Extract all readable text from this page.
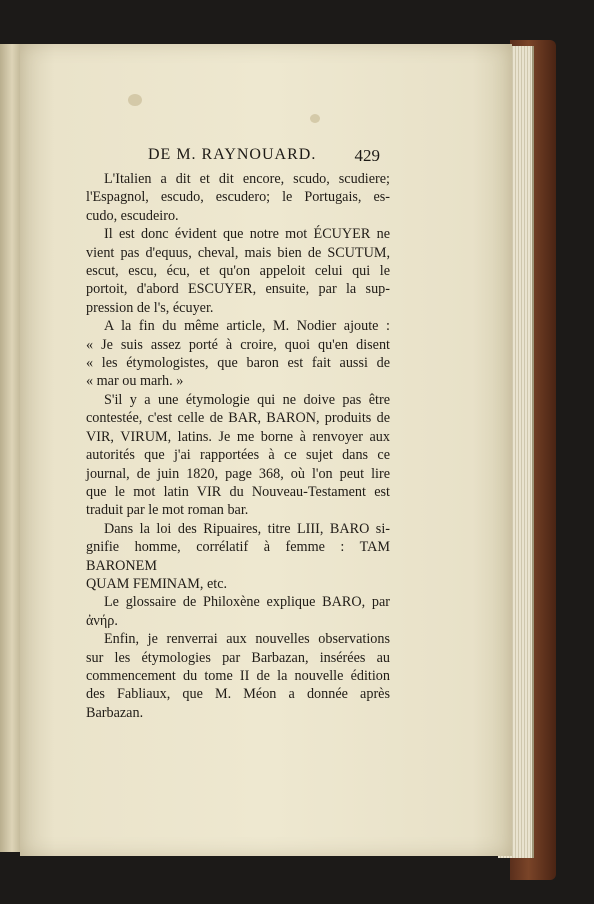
DE M. RAYNOUARD. 429
L'Italien a dit et dit encore, scudo, scudiere;
l'Espagnol, escudo, escudero; le Portugais, es-
cudo, escudeiro.
Il est donc évident que notre mot ÉCUYER ne
vient pas d'equus, cheval, mais bien de SCUTUM,
escut, escu, écu, et qu'on appeloit celui qui le
portoit, d'abord ESCUYER, ensuite, par la sup-
pression de l's, écuyer.
A la fin du même article, M. Nodier ajoute :
« Je suis assez porté à croire, quoi qu'en disent
« les étymologistes, que baron est fait aussi de
« mar ou marh. »
S'il y a une étymologie qui ne doive pas être
contestée, c'est celle de BAR, BARON, produits de
VIR, VIRUM, latins. Je me borne à renvoyer aux
autorités que j'ai rapportées à ce sujet dans ce
journal, de juin 1820, page 368, où l'on peut lire
que le mot latin VIR du Nouveau-Testament est
traduit par le mot roman bar.
Dans la loi des Ripuaires, titre LIII, BARO si-
gnifie homme, corrélatif à femme : TAM BARONEM
QUAM FEMINAM, etc.
Le glossaire de Philoxène explique BARO, par
ἀνήρ.
Enfin, je renverrai aux nouvelles observations
sur les étymologies par Barbazan, insérées au
commencement du tome II de la nouvelle édition
des Fabliaux, que M. Méon a donnée après
Barbazan.
